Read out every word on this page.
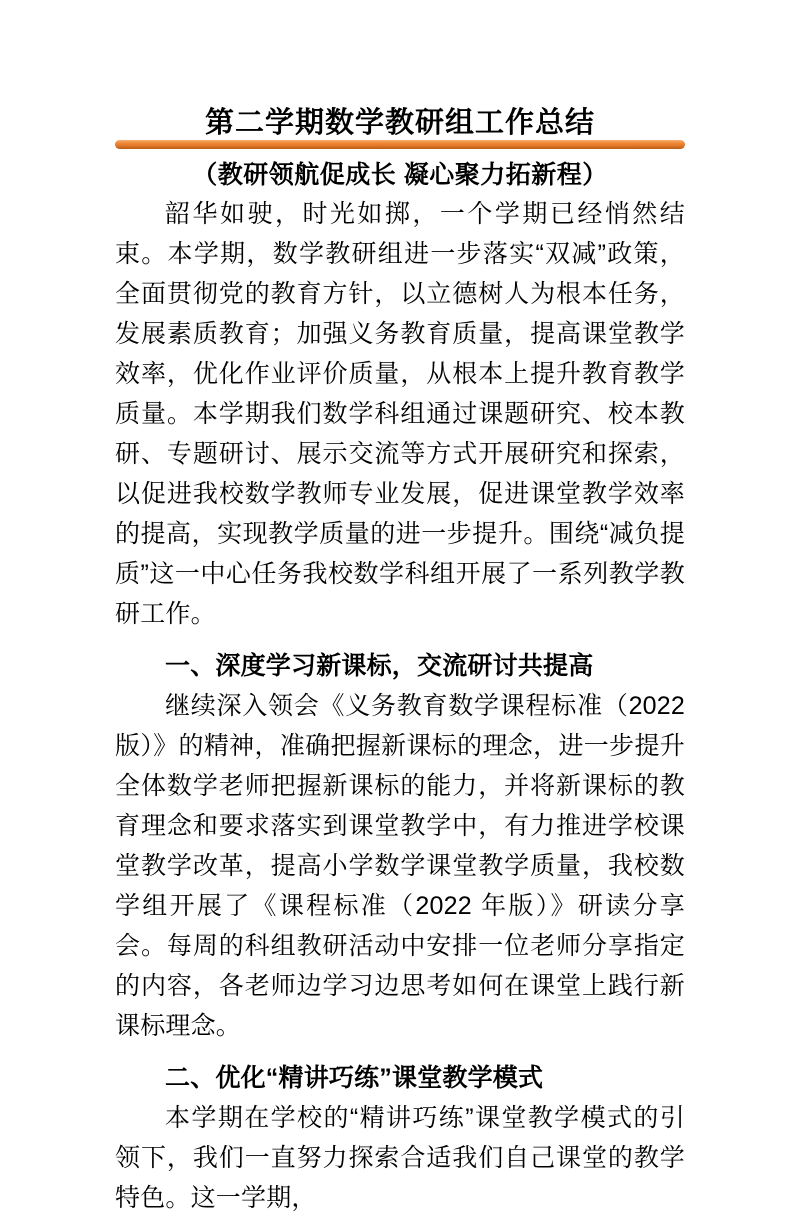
第二学期数学教研组工作总结
（教研领航促成长 凝心聚力拓新程）

韶华如驶，时光如掷，一个学期已经悄然结束。本学期，数学教研组进一步落实“双减”政策，全面贯彻党的教育方针，以立德树人为根本任务，发展素质教育；加强义务教育质量，提高课堂教学效率，优化作业评价质量，从根本上提升教育教学质量。本学期我们数学科组通过课题研究、校本教研、专题研讨、展示交流等方式开展研究和探索，以促进我校数学教师专业发展，促进课堂教学效率的提高，实现教学质量的进一步提升。围绕“减负提质”这一中心任务我校数学科组开展了一系列教学教研工作。

一、深度学习新课标，交流研讨共提高

继续深入领会《义务教育数学课程标准（2022 版）》的精神，准确把握新课标的理念，进一步提升全体数学老师把握新课标的能力，并将新课标的教育理念和要求落实到课堂教学中，有力推进学校课堂教学改革，提高小学数学课堂教学质量，我校数学组开展了《课程标准（2022 年版）》研读分享会。每周的科组教研活动中安排一位老师分享指定的内容，各老师边学习边思考如何在课堂上践行新课标理念。

二、优化“精讲巧练”课堂教学模式

本学期在学校的“精讲巧练”课堂教学模式的引领下，我们一直努力探索合适我们自己课堂的教学特色。这一学期，
